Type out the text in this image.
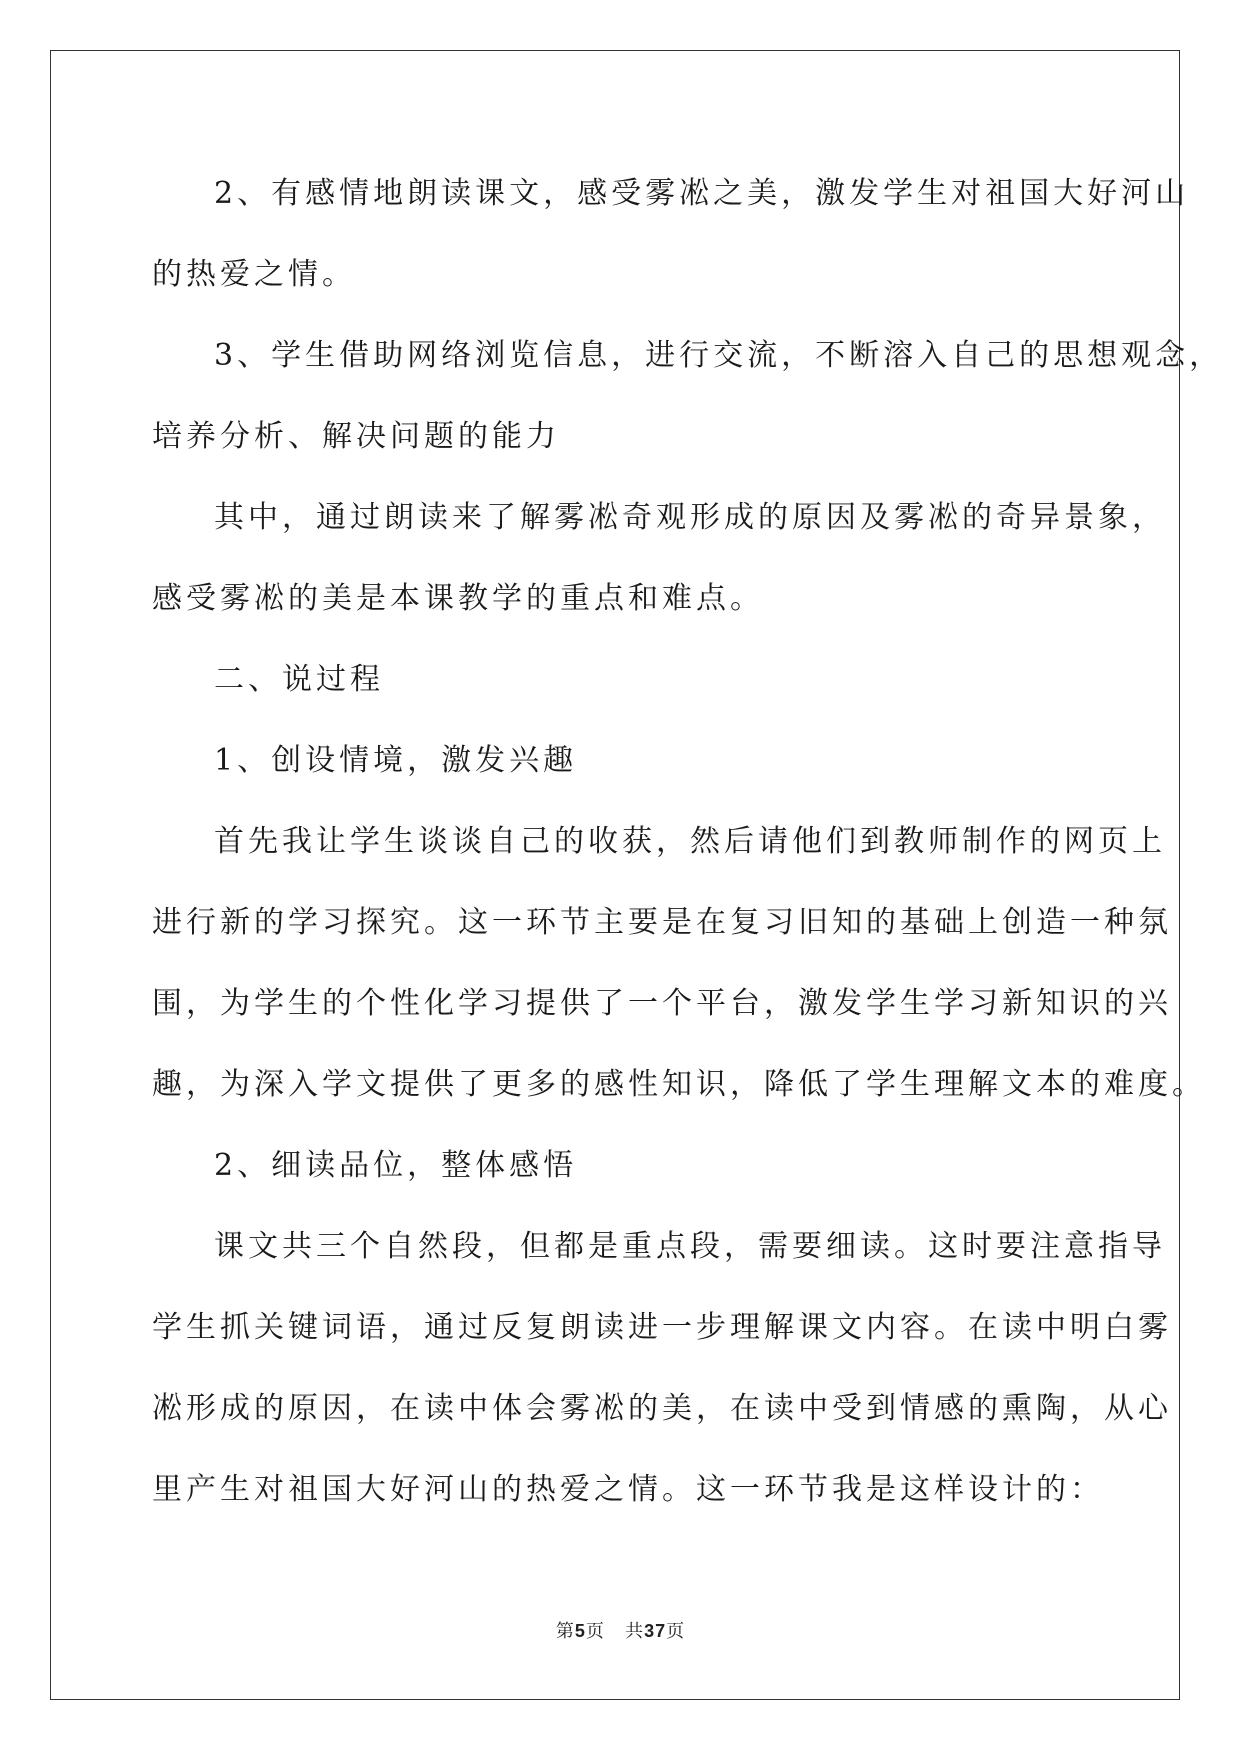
2、有感情地朗读课文，感受雾凇之美，激发学生对祖国大好河山
的热爱之情。
3、学生借助网络浏览信息，进行交流，不断溶入自己的思想观念，
培养分析、解决问题的能力
其中，通过朗读来了解雾凇奇观形成的原因及雾凇的奇异景象，
感受雾凇的美是本课教学的重点和难点。
二、说过程
1、创设情境，激发兴趣
首先我让学生谈谈自己的收获，然后请他们到教师制作的网页上
进行新的学习探究。这一环节主要是在复习旧知的基础上创造一种氛
围，为学生的个性化学习提供了一个平台，激发学生学习新知识的兴
趣，为深入学文提供了更多的感性知识，降低了学生理解文本的难度。
2、细读品位，整体感悟
课文共三个自然段，但都是重点段，需要细读。这时要注意指导
学生抓关键词语，通过反复朗读进一步理解课文内容。在读中明白雾
凇形成的原因，在读中体会雾凇的美，在读中受到情感的熏陶，从心
里产生对祖国大好河山的热爱之情。这一环节我是这样设计的：
第5页 共37页
